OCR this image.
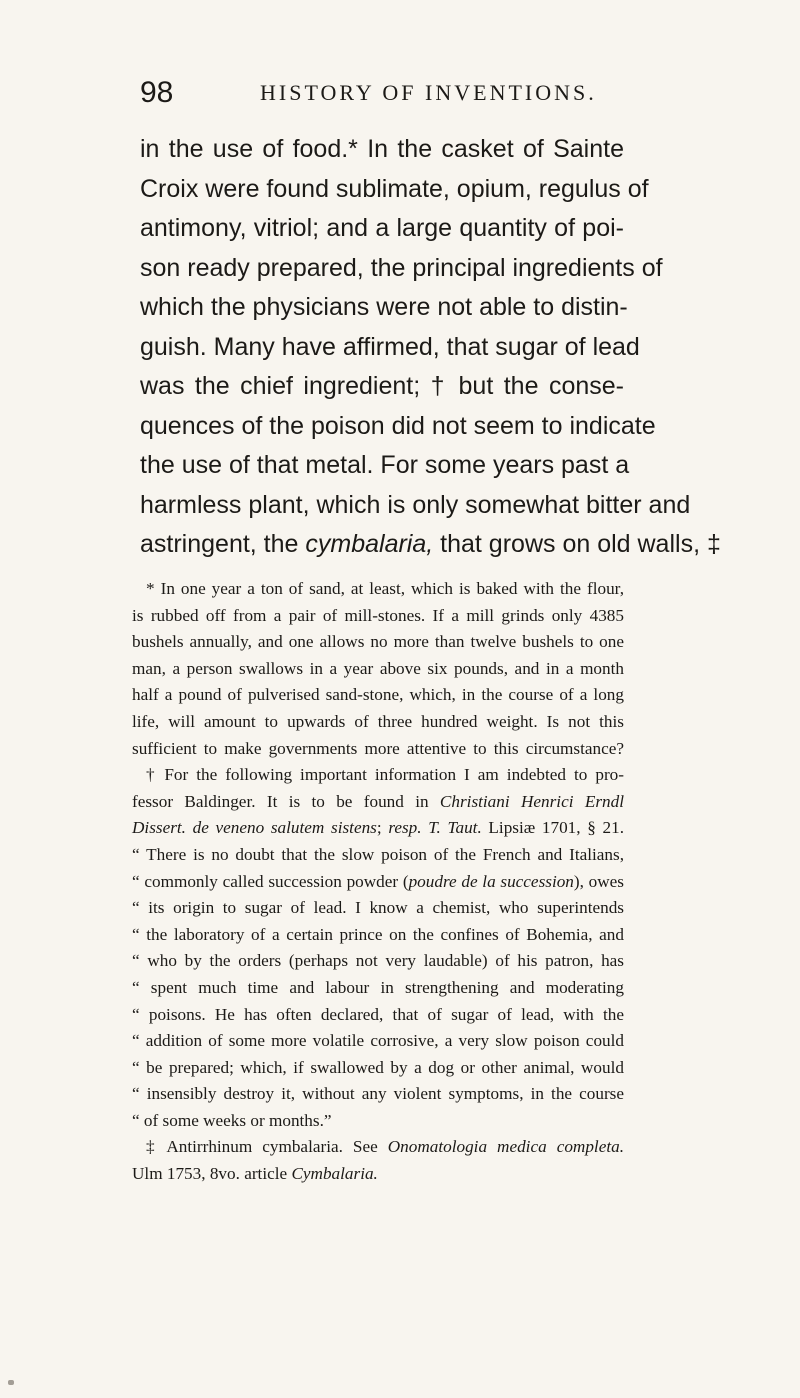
98	HISTORY OF INVENTIONS.
in the use of food.* In the casket of Sainte
Croix were found sublimate, opium, regulus of
antimony, vitriol; and a large quantity of poi-
son ready prepared, the principal ingredients of
which the physicians were not able to distin-
guish. Many have affirmed, that sugar of lead
was the chief ingredient; † but the conse-
quences of the poison did not seem to indicate
the use of that metal. For some years past a
harmless plant, which is only somewhat bitter and
astringent, the cymbalaria, that grows on old walls, ‡
* In one year a ton of sand, at least, which is baked with the flour,
is rubbed off from a pair of mill-stones. If a mill grinds only 4385
bushels annually, and one allows no more than twelve bushels to one
man, a person swallows in a year above six pounds, and in a month
half a pound of pulverised sand-stone, which, in the course of a long
life, will amount to upwards of three hundred weight. Is not this
sufficient to make governments more attentive to this circumstance?
† For the following important information I am indebted to pro-
fessor Baldinger. It is to be found in Christiani Henrici Erndl
Dissert. de veneno salutem sistens; resp. T. Taut. Lipsiæ 1701, § 21.
“ There is no doubt that the slow poison of the French and Italians,
“ commonly called succession powder (poudre de la succession), owes
“ its origin to sugar of lead. I know a chemist, who superintends
“ the laboratory of a certain prince on the confines of Bohemia, and
“ who by the orders (perhaps not very laudable) of his patron, has
“ spent much time and labour in strengthening and moderating
“ poisons. He has often declared, that of sugar of lead, with the
“ addition of some more volatile corrosive, a very slow poison could
“ be prepared; which, if swallowed by a dog or other animal, would
“ insensibly destroy it, without any violent symptoms, in the course
“ of some weeks or months.”
‡ Antirrhinum cymbalaria. See Onomatologia medica completa.
Ulm 1753, 8vo. article Cymbalaria.
